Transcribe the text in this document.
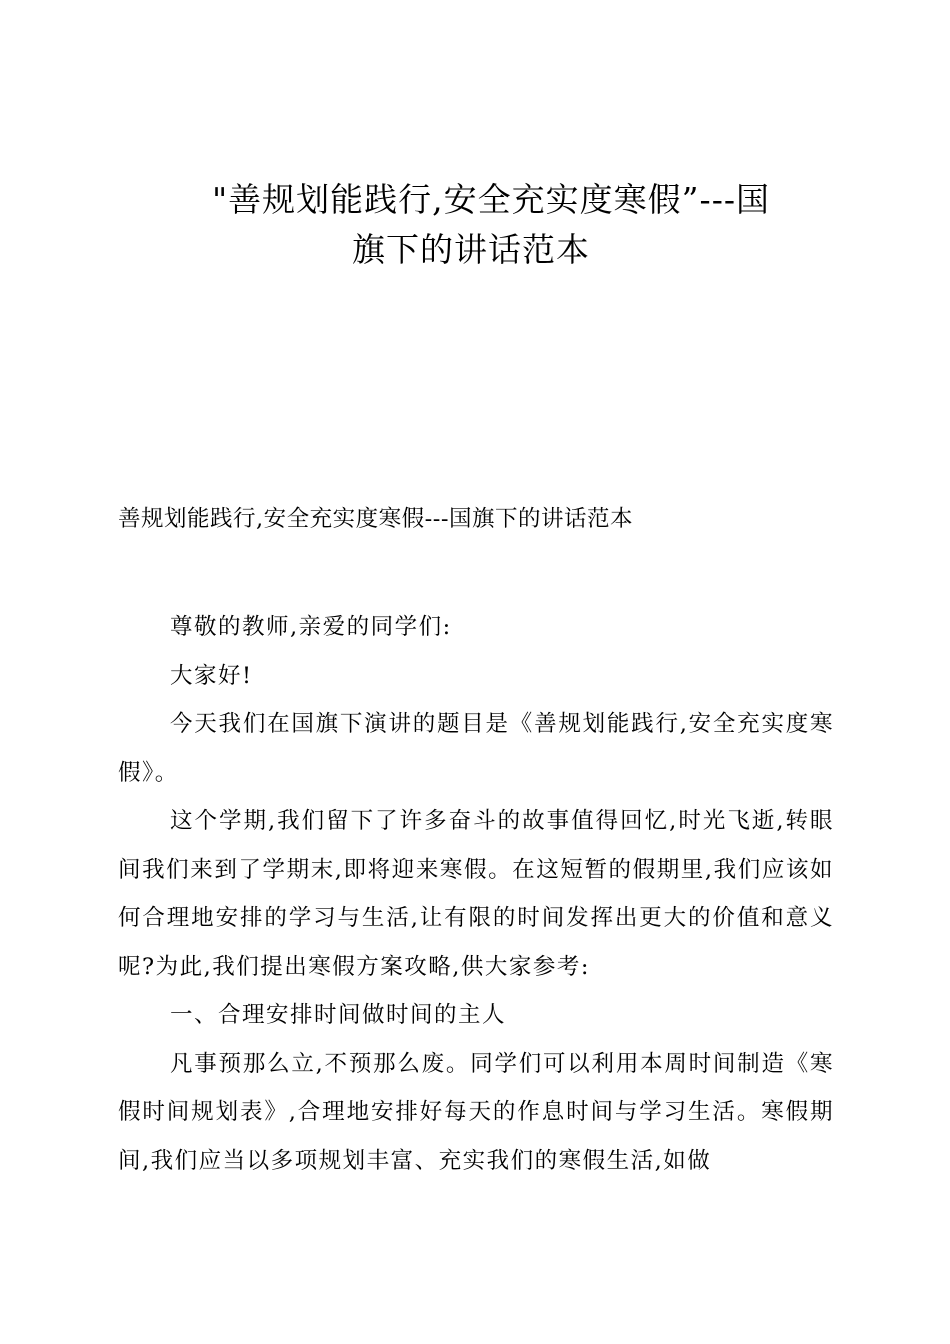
"善规划能践行,安全充实度寒假”---国
旗下的讲话范本

善规划能践行,安全充实度寒假---国旗下的讲话范本

尊敬的教师,亲爱的同学们:

大家好!

今天我们在国旗下演讲的题目是《善规划能践行,安全充实度寒假》。

这个学期,我们留下了许多奋斗的故事值得回忆,时光飞逝,转眼间我们来到了学期末,即将迎来寒假。在这短暂的假期里,我们应该如何合理地安排的学习与生活,让有限的时间发挥出更大的价值和意义呢?为此,我们提出寒假方案攻略,供大家参考:

一、合理安排时间做时间的主人

凡事预那么立,不预那么废。同学们可以利用本周时间制造《寒假时间规划表》,合理地安排好每天的作息时间与学习生活。寒假期间,我们应当以多项规划丰富、充实我们的寒假生活,如做
